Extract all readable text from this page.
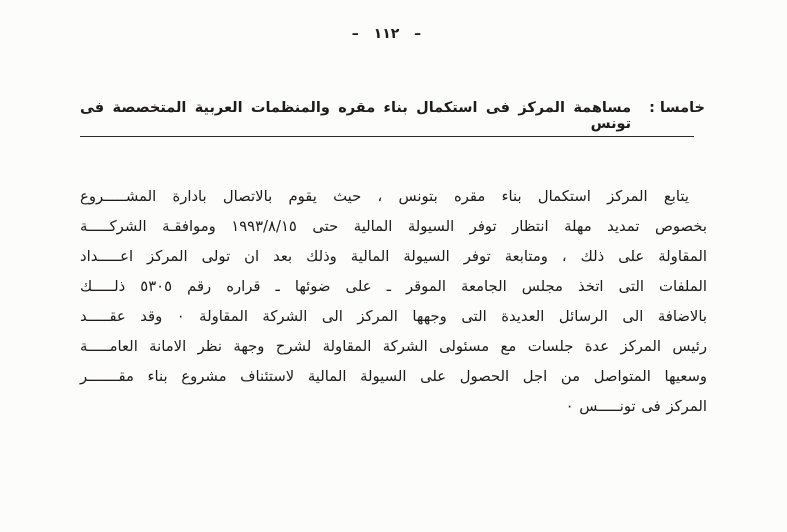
– ١١٢ –
خامسا :
مساهمة المركز فى استكمال بناء مقره والمنظمات العربية المتخصصة فى تونس
يتابع المركز استكمال بناء مقره بتونس ، حيث يقوم بالاتصال بادارة المشـــــروع
بخصوص تمديد مهلة انتظار توفر السيولة المالية حتى ١٩٩٣/٨/١٥ وموافقـة الشركـــــة
المقاولة على ذلك ، ومتابعة توفر السيولة المالية وذلك بعد ان تولى المركز اعـــــداد
الملفات التى اتخذ مجلس الجامعة الموقر ـ على ضوئها ـ قراره رقم ٥٣٠٥ ذلـــــك
بالاضافة الى الرسائل العديدة التى وجهها المركز الى الشركة المقاولة ٠ وقد عقـــــد
رئيس المركز عدة جلسات مع مسئولى الشركة المقاولة لشرح وجهة نظر الامانة العامـــــة
وسعيها المتواصل من اجل الحصول على السيولة المالية لاستئناف مشروع بناء مقـــــــر
المركز فى تونـــــس ٠
